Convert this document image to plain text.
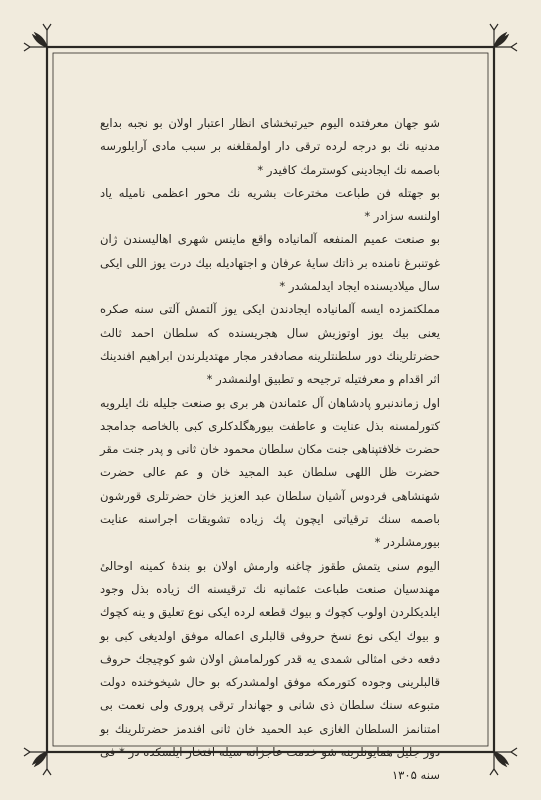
شو جهان معرفتده الیوم حیرتبخشای انظار اعتبار اولان بو نجبه بدایع مدنیه نك بو درجه لرده ترقی دار اولمقلغنه بر سبب مادی آرایلورسه باصمه نك ایجادینی کوسترمك کافیدر *

بو جهتله فن طباعت مخترعات بشریه نك محور اعظمی نامیله یاد اولنسه سزادر *

بو صنعت عمیم المنفعه آلمانیاده واقع ماینس شهری اهالیسندن ژان غوتنبرغ نامنده بر ذاتك سایهٔ عرفان و اجتهادیله بیك درت یوز اللی ایکی سال میلادیسنده ایجاد ایدلمشدر *

مملکتمزده ایسه آلمانیاده ایجادندن ایکی یوز آلتمش آلتی سنه صکره یعنی بیك یوز اوتوزیش سال هجریسنده که سلطان احمد ثالث حضرتلرینك دور سلطنتلرینه مصادفدر مجار مهتدیلرندن ابراهیم افندینك اثر اقدام و معرفتیله ترجیحه و تطبیق اولنمشدر *

اول زماندنبرو پادشاهان آل عثماندن هر بری بو صنعت جلیله نك ایلرویه کتورلمسنه بذل عنایت و عاطفت بیورهگلدکلری کبی بالخاصه جدامجد حضرت خلافتپناهی جنت مکان سلطان محمود خان ثانی و پدر جنت مقر حضرت ظل اللهی سلطان عبد المجید خان و عم عالی حضرت شهنشاهی فردوس آشیان سلطان عبد العزیز خان حضرتلری قورشون باصمه سنك ترقیاتی ایچون پك زیاده تشویقات اجراسنه عنایت بیورمشلردر *

الیوم سنی یتمش طقوز چاغنه وارمش اولان بو بندهٔ کمینه اوحالیٔ مهندسیان صنعت طباعت عثمانیه نك ترقیسنه اك زیاده بذل وجود ایلدیكلردن اولوب کچوك و بیوك قطعه لرده ایکی نوع تعلیق و ینه کچوك و بیوك ایکی نوع نسخ حروفی قالبلری اعماله موفق اولدیغی کبی بو دفعه دخی امثالی شمدی یه قدر کورلمامش اولان شو کوچیجك حروف قالبلرینی وجوده کتورمکه موفق اولمشدرکه بو حال شیخوخنده دولت متبوعه سنك سلطان ذی شانی و جهاندار ترقی پروری ولی نعمت بی امتنانمز السلطان الغازی عبد الحمید خان ثانی افندمز حضرتلرینك بو دور جلیل همایونلرینه شو خدمت عاجزانه سیله افتخار ایلسکده در * فی سنه ۱۳۰۵
